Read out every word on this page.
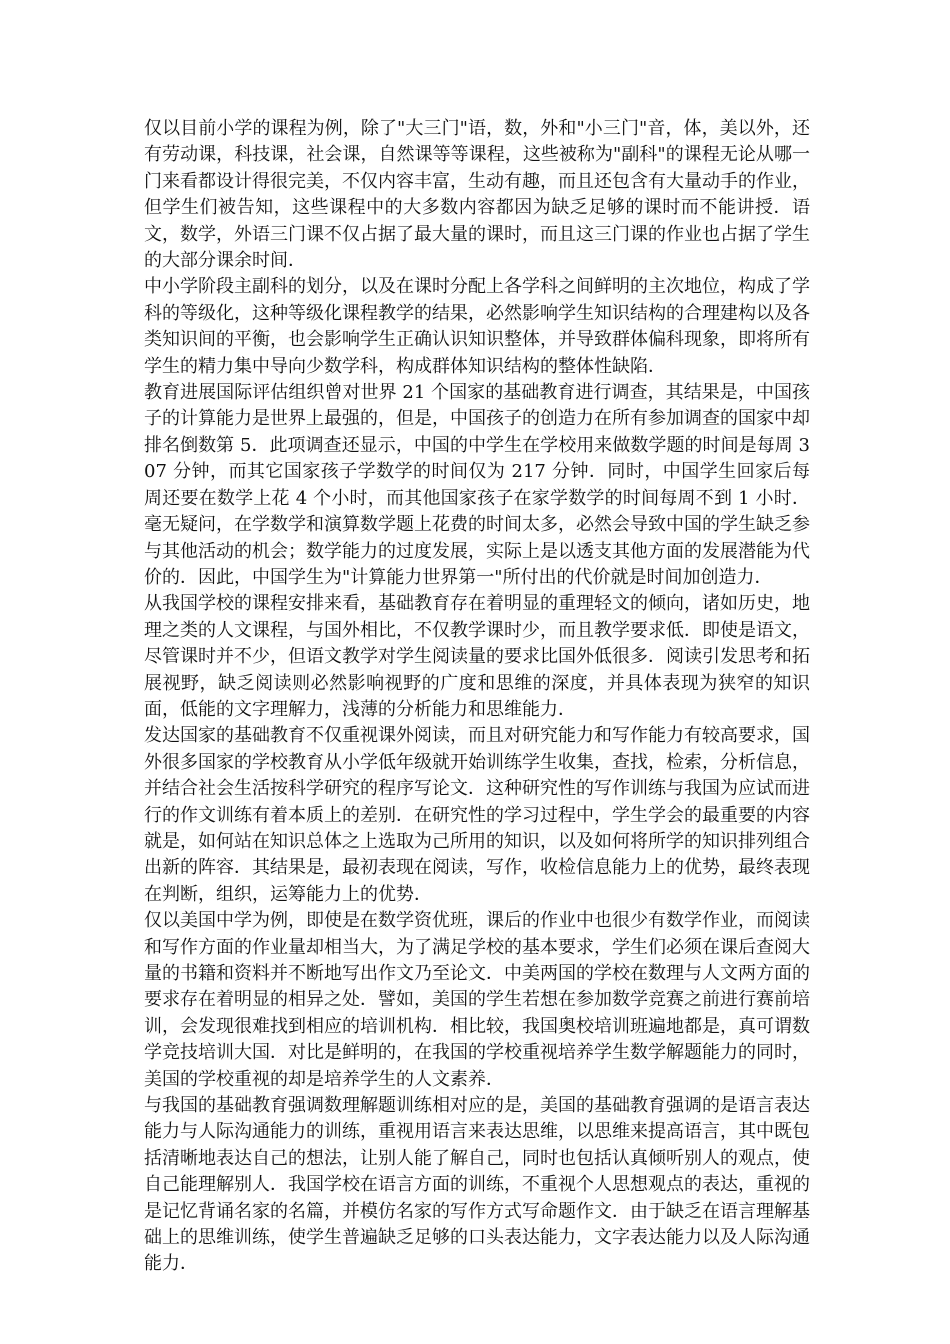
仅以目前小学的课程为例，除了"大三门"语，数，外和"小三门"音，体，美以外，还有劳动课，科技课，社会课，自然课等等课程，这些被称为"副科"的课程无论从哪一门来看都设计得很完美，不仅内容丰富，生动有趣，而且还包含有大量动手的作业，但学生们被告知，这些课程中的大多数内容都因为缺乏足够的课时而不能讲授．语文，数学，外语三门课不仅占据了最大量的课时，而且这三门课的作业也占据了学生的大部分课余时间．

中小学阶段主副科的划分，以及在课时分配上各学科之间鲜明的主次地位，构成了学科的等级化，这种等级化课程教学的结果，必然影响学生知识结构的合理建构以及各类知识间的平衡，也会影响学生正确认识知识整体，并导致群体偏科现象，即将所有学生的精力集中导向少数学科，构成群体知识结构的整体性缺陷．

教育进展国际评估组织曾对世界 21 个国家的基础教育进行调查，其结果是，中国孩子的计算能力是世界上最强的，但是，中国孩子的创造力在所有参加调查的国家中却排名倒数第 5．此项调查还显示，中国的中学生在学校用来做数学题的时间是每周 307 分钟，而其它国家孩子学数学的时间仅为 217 分钟．同时，中国学生回家后每周还要在数学上花 4 个小时，而其他国家孩子在家学数学的时间每周不到 1 小时．毫无疑问，在学数学和演算数学题上花费的时间太多，必然会导致中国的学生缺乏参与其他活动的机会；数学能力的过度发展，实际上是以透支其他方面的发展潜能为代价的．因此，中国学生为"计算能力世界第一"所付出的代价就是时间加创造力．

从我国学校的课程安排来看，基础教育存在着明显的重理轻文的倾向，诸如历史，地理之类的人文课程，与国外相比，不仅教学课时少，而且教学要求低．即使是语文，尽管课时并不少，但语文教学对学生阅读量的要求比国外低很多．阅读引发思考和拓展视野，缺乏阅读则必然影响视野的广度和思维的深度，并具体表现为狭窄的知识面，低能的文字理解力，浅薄的分析能力和思维能力．

发达国家的基础教育不仅重视课外阅读，而且对研究能力和写作能力有较高要求，国外很多国家的学校教育从小学低年级就开始训练学生收集，查找，检索，分析信息，并结合社会生活按科学研究的程序写论文．这种研究性的写作训练与我国为应试而进行的作文训练有着本质上的差别．在研究性的学习过程中，学生学会的最重要的内容就是，如何站在知识总体之上选取为己所用的知识，以及如何将所学的知识排列组合出新的阵容．其结果是，最初表现在阅读，写作，收检信息能力上的优势，最终表现在判断，组织，运筹能力上的优势．

仅以美国中学为例，即使是在数学资优班，课后的作业中也很少有数学作业，而阅读和写作方面的作业量却相当大，为了满足学校的基本要求，学生们必须在课后查阅大量的书籍和资料并不断地写出作文乃至论文．中美两国的学校在数理与人文两方面的要求存在着明显的相异之处．譬如，美国的学生若想在参加数学竞赛之前进行赛前培训，会发现很难找到相应的培训机构．相比较，我国奥校培训班遍地都是，真可谓数学竞技培训大国．对比是鲜明的，在我国的学校重视培养学生数学解题能力的同时，美国的学校重视的却是培养学生的人文素养．

与我国的基础教育强调数理解题训练相对应的是，美国的基础教育强调的是语言表达能力与人际沟通能力的训练，重视用语言来表达思维，以思维来提高语言，其中既包括清晰地表达自己的想法，让别人能了解自己，同时也包括认真倾听别人的观点，使自己能理解别人．我国学校在语言方面的训练，不重视个人思想观点的表达，重视的是记忆背诵名家的名篇，并模仿名家的写作方式写命题作文．由于缺乏在语言理解基础上的思维训练，使学生普遍缺乏足够的口头表达能力，文字表达能力以及人际沟通能力．
